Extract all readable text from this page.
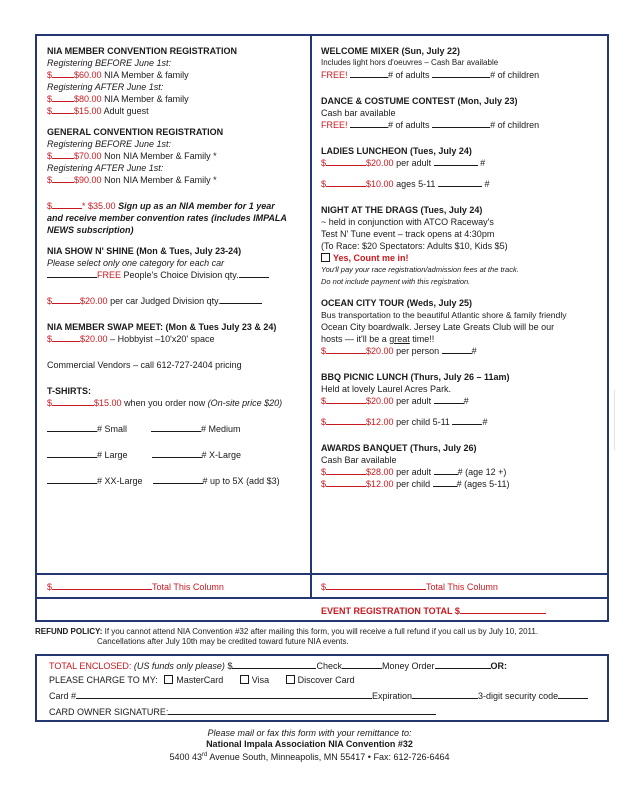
NIA MEMBER CONVENTION REGISTRATION
Registering BEFORE June 1st:
$ $60.00 NIA Member & family
Registering AFTER June 1st:
$ $80.00 NIA Member & family
$ $15.00 Adult guest
GENERAL CONVENTION REGISTRATION
Registering BEFORE June 1st:
$ $70.00 Non NIA Member & Family *
Registering AFTER June 1st:
$ $90.00 Non NIA Member & Family *
$	* $35.00 Sign up as an NIA member for 1 year
and receive member convention rates (includes IMPALA
NEWS subscription)
NIA SHOW N' SHINE (Mon & Tues, July 23-24)
Please select only one category for each car
FREE People's Choice Division qty.
$	$20.00 per car Judged Division qty.
NIA MEMBER SWAP MEET: (Mon & Tues July 23 & 24)
$	$20.00 – Hobbyist –10'x20' space
Commercial Vendors – call 612-727-2404 pricing
T-SHIRTS:
$	$15.00 when you order now (On-site price $20)
# Small	# Medium
# Large	# X-Large
# XX-Large	# up to 5X (add $3)
$	Total This Column
WELCOME MIXER (Sun, July 22)
Includes light hors d'oeuvres – Cash Bar available
FREE!	# of adults	# of children
DANCE & COSTUME CONTEST (Mon, July 23)
Cash bar available
FREE!	# of adults	# of children
LADIES LUNCHEON (Tues, July 24)
$	$20.00 per adult	#
$	$10.00 ages 5-11	#
NIGHT AT THE DRAGS (Tues, July 24)
~ held in conjunction with ATCO Raceway's
Test N' Tune event – track opens at 4:30pm
(To Race: $20 Spectators: Adults $10, Kids $5)
Yes, Count me in!
You'll pay your race registration/admission fees at the track.
Do not include payment with this registration.
OCEAN CITY TOUR (Weds, July 25)
Bus transportation to the beautiful Atlantic shore & family friendly
Ocean City boardwalk. Jersey Late Greats Club will be our
hosts — it'll be a great time!!
$	$20.00 per person	#
BBQ PICNIC LUNCH (Thurs, July 26 – 11am)
Held at lovely Laurel Acres Park.
$	$20.00 per adult	#
$	$12.00 per child 5-11	#
AWARDS BANQUET (Thurs, July 26)
Cash Bar available
$	$28.00 per adult	# (age 12 +)
$	$12.00 per child	# (ages 5-11)
$	Total This Column
EVENT REGISTRATION TOTAL $
REFUND POLICY: If you cannot attend NIA Convention #32 after mailing this form, you will receive a full refund if you call us by July 10, 2011.
Cancellations after July 10th may be credited toward future NIA events.
TOTAL ENCLOSED: (US funds only please) $	Check	Money Order	OR:
PLEASE CHARGE TO MY: MasterCard	Visa	Discover Card
Card #	Expiration	3-digit security code
CARD OWNER SIGNATURE:
Please mail or fax this form with your remittance to:
National Impala Association NIA Convention #32
5400 43rd Avenue South, Minneapolis, MN 55417 • Fax: 612-726-6464
